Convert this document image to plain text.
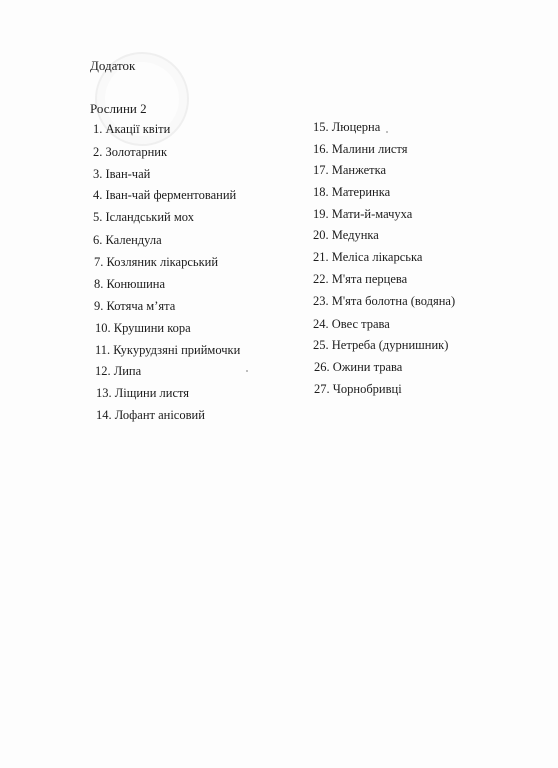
Додаток
Рослини 2
1. Акації квіти
2. Золотарник
3. Іван-чай
4. Іван-чай ферментований
5. Ісландський мох
6. Календула
7. Козляник лікарський
8. Конюшина
9. Котяча м’ята
10. Крушини кора
11. Кукурудзяні приймочки
12. Липа
13. Ліщини листя
14. Лофант анісовий
15. Люцерна
16. Малини листя
17. Манжетка
18. Материнка
19. Мати-й-мачуха
20. Медунка
21. Меліса лікарська
22. М'ята перцева
23. М'ята болотна (водяна)
24. Овес трава
25. Нетреба (дурнишник)
26. Ожини трава
27. Чорнобривці
